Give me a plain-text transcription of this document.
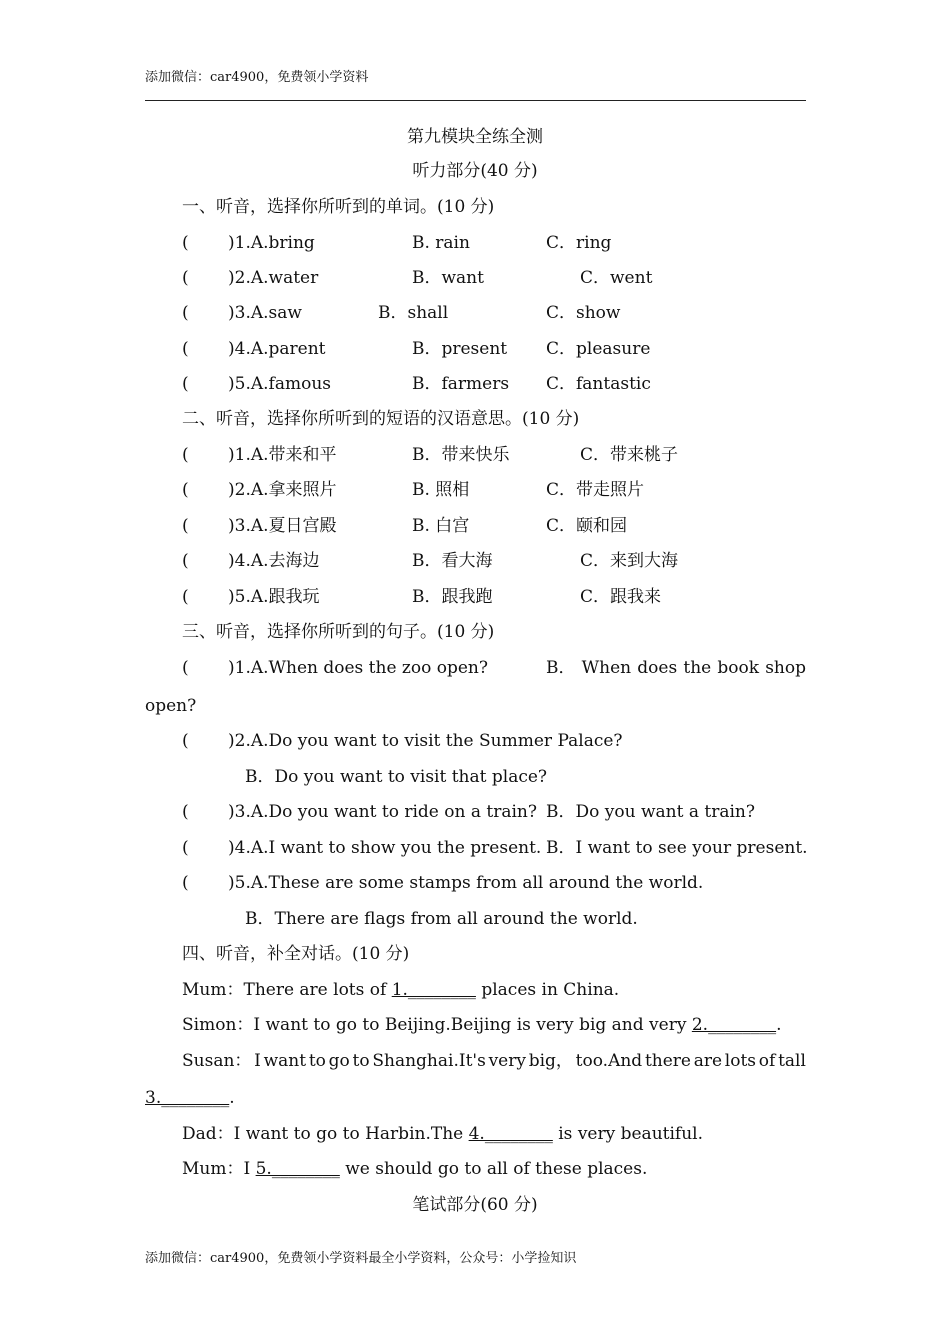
添加微信：car4900，免费领小学资料
第九模块全练全测
听力部分(40 分)
一、听音，选择你所听到的单词。(10 分)
( )1.A.bring	B. rain	C．ring
( )2.A.water	B．want	C．went
( )3.A.saw	B．shall	C．show
( )4.A.parent	B．present C．pleasure
( )5.A.famous	B．farmers C．fantastic
二、听音，选择你所听到的短语的汉语意思。(10 分)
( )1.A.带来和平	B．带来快乐	C．带来桃子
( )2.A.拿来照片	B. 照相	C．带走照片
( )3.A.夏日宫殿	B. 白宫	C．颐和园
( )4.A.去海边	B．看大海	C．来到大海
( )5.A.跟我玩	B．跟我跑	C．跟我来
三、听音，选择你所听到的句子。(10 分)
( )1.A.When does the zoo open?	B． When does the book shop
open?
( )2.A.Do you want to visit the Summer Palace?
B．Do you want to visit that place?
( )3.A.Do you want to ride on a train? B．Do you want a train?
( )4.A.I want to show you the present. B．I want to see your present.
( )5.A.These are some stamps from all around the world.
B．There are flags from all around the world.
四、听音，补全对话。(10 分)
Mum：There are lots of 1.________ places in China.
Simon：I want to go to Beijing.Beijing is very big and very 2.________.
Susan： I want to go to Shanghai.It's very big， too.And there are lots of tall
3.________.
Dad：I want to go to Harbin.The 4.________ is very beautiful.
Mum：I 5.________ we should go to all of these places.
笔试部分(60 分)
添加微信：car4900，免费领小学资料最全小学资料，公众号：小学捡知识
